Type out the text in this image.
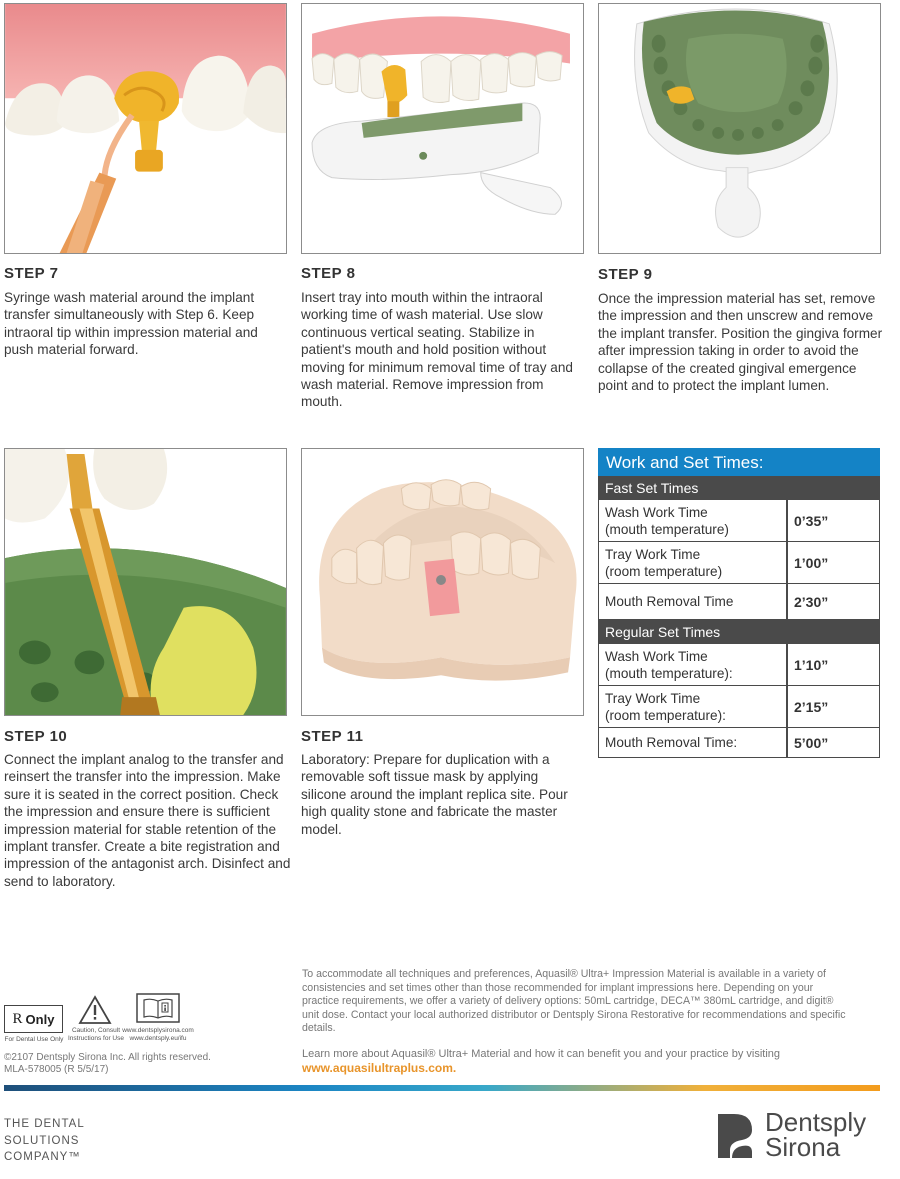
STEP 7
Syringe wash material around the implant transfer simultaneously with Step 6. Keep intraoral tip within impression material and push material forward.
STEP 8
Insert tray into mouth within the intraoral working time of wash material. Use slow continuous vertical seating. Stabilize in patient's mouth and hold position without moving for minimum removal time of tray and wash material. Remove impression from mouth.
STEP 9
Once the impression material has set, remove the impression and then unscrew and remove the implant transfer. Position the gingiva former after impression taking in order to avoid the collapse of the created gingival emergence point and to protect the implant lumen.
STEP 10
Connect the implant analog to the transfer and reinsert the transfer into the impression. Make sure it is seated in the correct position. Check the impression and ensure there is sufficient impression material for stable retention of the implant transfer. Create a bite registration and impression of the antagonist arch. Disinfect and send to laboratory.
STEP 11
Laboratory: Prepare for duplication with a removable soft tissue mask by applying silicone around the implant replica site. Pour high quality stone and fabricate the master model.
Work and Set Times:
Fast Set Times
Wash Work Time
(mouth temperature)
0’35”
Tray Work Time
(room temperature)
1’00”
Mouth Removal Time	2’30”
Regular Set Times
Wash Work Time
(mouth temperature):
1’10”
Tray Work Time
(room temperature):
2’15”
Mouth Removal Time:	5’00”
R Only
For Dental Use Only
Caution, Consult
Instructions for Use
www.dentsplysirona.com
www.dentsply.eu/ifu
©2107 Dentsply Sirona Inc. All rights reserved.
MLA-578005 (R 5/5/17)
To accommodate all techniques and preferences, Aquasil® Ultra+ Impression Material is available in a variety of consistencies and set times other than those recommended for implant impressions here. Depending on your practice requirements, we offer a variety of delivery options: 50mL cartridge, DECA™ 380mL cartridge, and digit® unit dose. Contact your local authorized distributor or Dentsply Sirona Restorative for recommendations and specific details.
Learn more about Aquasil® Ultra+ Material and how it can benefit you and your practice by visiting
www.aquasilultraplus.com.
THE DENTAL
SOLUTIONS
COMPANY™
Dentsply
Sirona
